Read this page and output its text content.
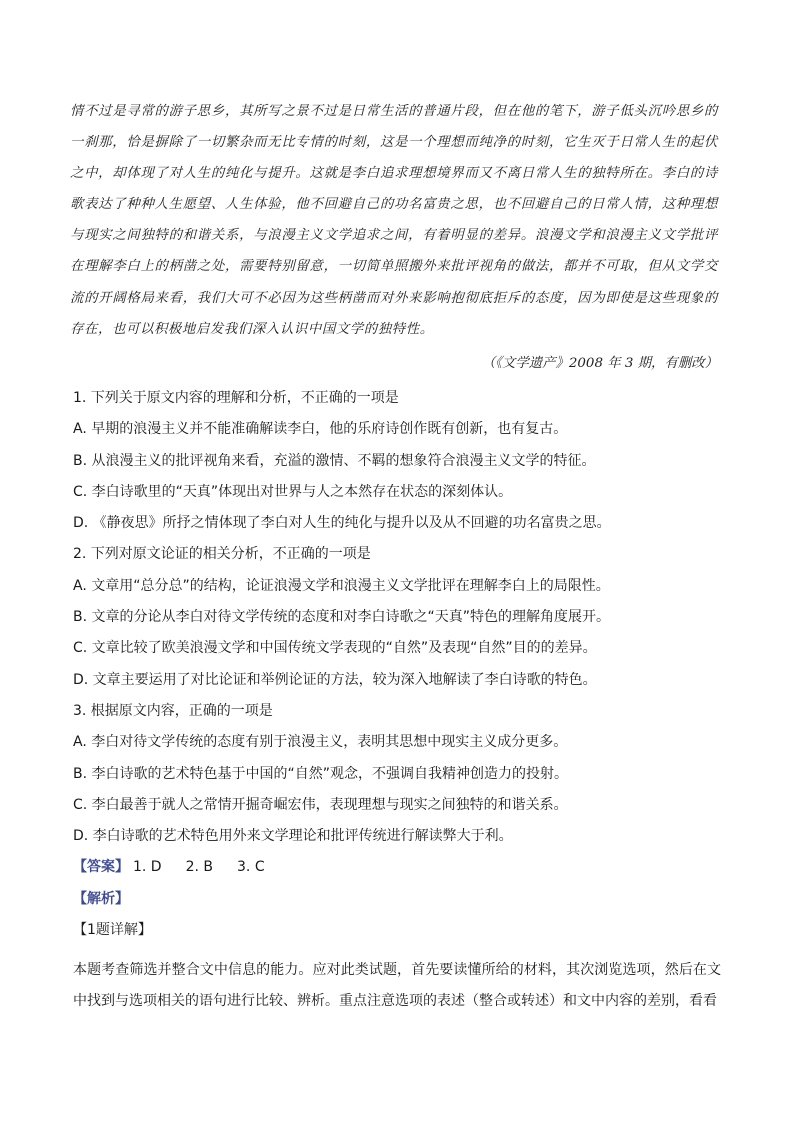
情不过是寻常的游子思乡，其所写之景不过是日常生活的普通片段，但在他的笔下，游子低头沉吟思乡的一刹那，恰是摒除了一切繁杂而无比专情的时刻，这是一个理想而纯净的时刻，它生灭于日常人生的起伏之中，却体现了对人生的纯化与提升。这就是李白追求理想境界而又不离日常人生的独特所在。李白的诗歌表达了种种人生愿望、人生体验，他不回避自己的功名富贵之思，也不回避自己的日常人情，这种理想与现实之间独特的和谐关系，与浪漫主义文学追求之间，有着明显的差异。浪漫文学和浪漫主义文学批评在理解李白上的柄凿之处，需要特别留意，一切简单照搬外来批评视角的做法，都并不可取，但从文学交流的开阔格局来看，我们大可不必因为这些柄凿而对外来影响抱彻底拒斥的态度，因为即使是这些现象的存在，也可以积极地启发我们深入认识中国文学的独特性。
（《文学遗产》2008 年 3 期，有删改）
1. 下列关于原文内容的理解和分析，不正确的一项是
A. 早期的浪漫主义并不能准确解读李白，他的乐府诗创作既有创新，也有复古。
B. 从浪漫主义的批评视角来看，充溢的激情、不羁的想象符合浪漫主义文学的特征。
C. 李白诗歌里的“天真”体现出对世界与人之本然存在状态的深刻体认。
D. 《静夜思》所抒之情体现了李白对人生的纯化与提升以及从不回避的功名富贵之思。
2. 下列对原文论证的相关分析，不正确的一项是
A. 文章用“总分总”的结构，论证浪漫文学和浪漫主义文学批评在理解李白上的局限性。
B. 文章的分论从李白对待文学传统的态度和对李白诗歌之“天真”特色的理解角度展开。
C. 文章比较了欧美浪漫文学和中国传统文学表现的“自然”及表现“自然”目的的差异。
D. 文章主要运用了对比论证和举例论证的方法，较为深入地解读了李白诗歌的特色。
3. 根据原文内容，正确的一项是
A. 李白对待文学传统的态度有别于浪漫主义，表明其思想中现实主义成分更多。
B. 李白诗歌的艺术特色基于中国的“自然”观念，不强调自我精神创造力的投射。
C. 李白最善于就人之常情开掘奇崛宏伟，表现理想与现实之间独特的和谐关系。
D. 李白诗歌的艺术特色用外来文学理论和批评传统进行解读弊大于利。
【答案】 1. D 2. B 3. C
【解析】
【1题详解】
本题考查筛选并整合文中信息的能力。应对此类试题，首先要读懂所给的材料，其次浏览选项，然后在文中找到与选项相关的语句进行比较、辨析。重点注意选项的表述（整合或转述）和文中内容的差别，看看
